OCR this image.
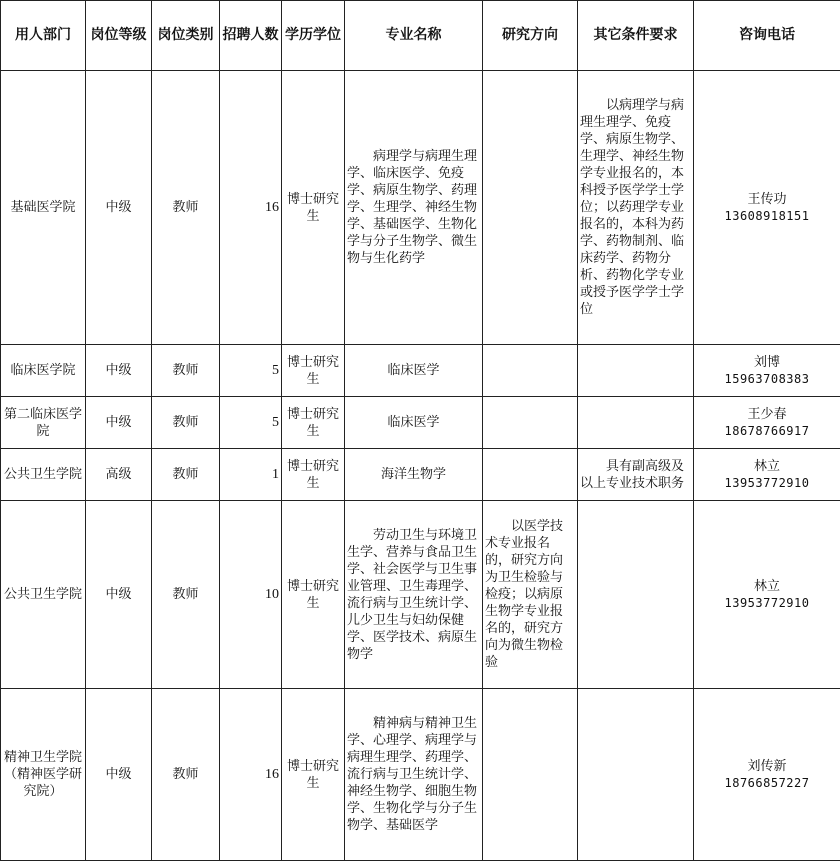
用人部门	岗位等级	岗位类别	招聘人数	学历学位	专业名称	研究方向	其它条件要求	咨询电话
基础医学院	中级	教师	16	博士研究生	病理学与病理生理学、临床医学、免疫学、病原生物学、药理学、生理学、神经生物学、基础医学、生物化学与分子生物学、微生物与生化药学		以病理学与病理生理学、免疫学、病原生物学、生理学、神经生物学专业报名的，本科授予医学学士学位；以药理学专业报名的，本科为药学、药物制剂、临床药学、药物分析、药物化学专业或授予医学学士学位	王传功
13608918151

临床医学院	中级	教师	5	博士研究生	临床医学			刘博
15963708383

第二临床医学院	中级	教师	5	博士研究生	临床医学			王少春
18678766917

公共卫生学院	高级	教师	1	博士研究生	海洋生物学		具有副高级及以上专业技术职务	林立
13953772910

公共卫生学院	中级	教师	10	博士研究生	劳动卫生与环境卫生学、营养与食品卫生学、社会医学与卫生事业管理、卫生毒理学、流行病与卫生统计学、儿少卫生与妇幼保健学、医学技术、病原生物学	以医学技术专业报名的，研究方向为卫生检验与检疫；以病原生物学专业报名的，研究方向为微生物检验		林立
13953772910

精神卫生学院（精神医学研究院）	中级	教师	16	博士研究生	精神病与精神卫生学、心理学、病理学与病理生理学、药理学、流行病与卫生统计学、神经生物学、细胞生物学、生物化学与分子生物学、基础医学			刘传新
18766857227
